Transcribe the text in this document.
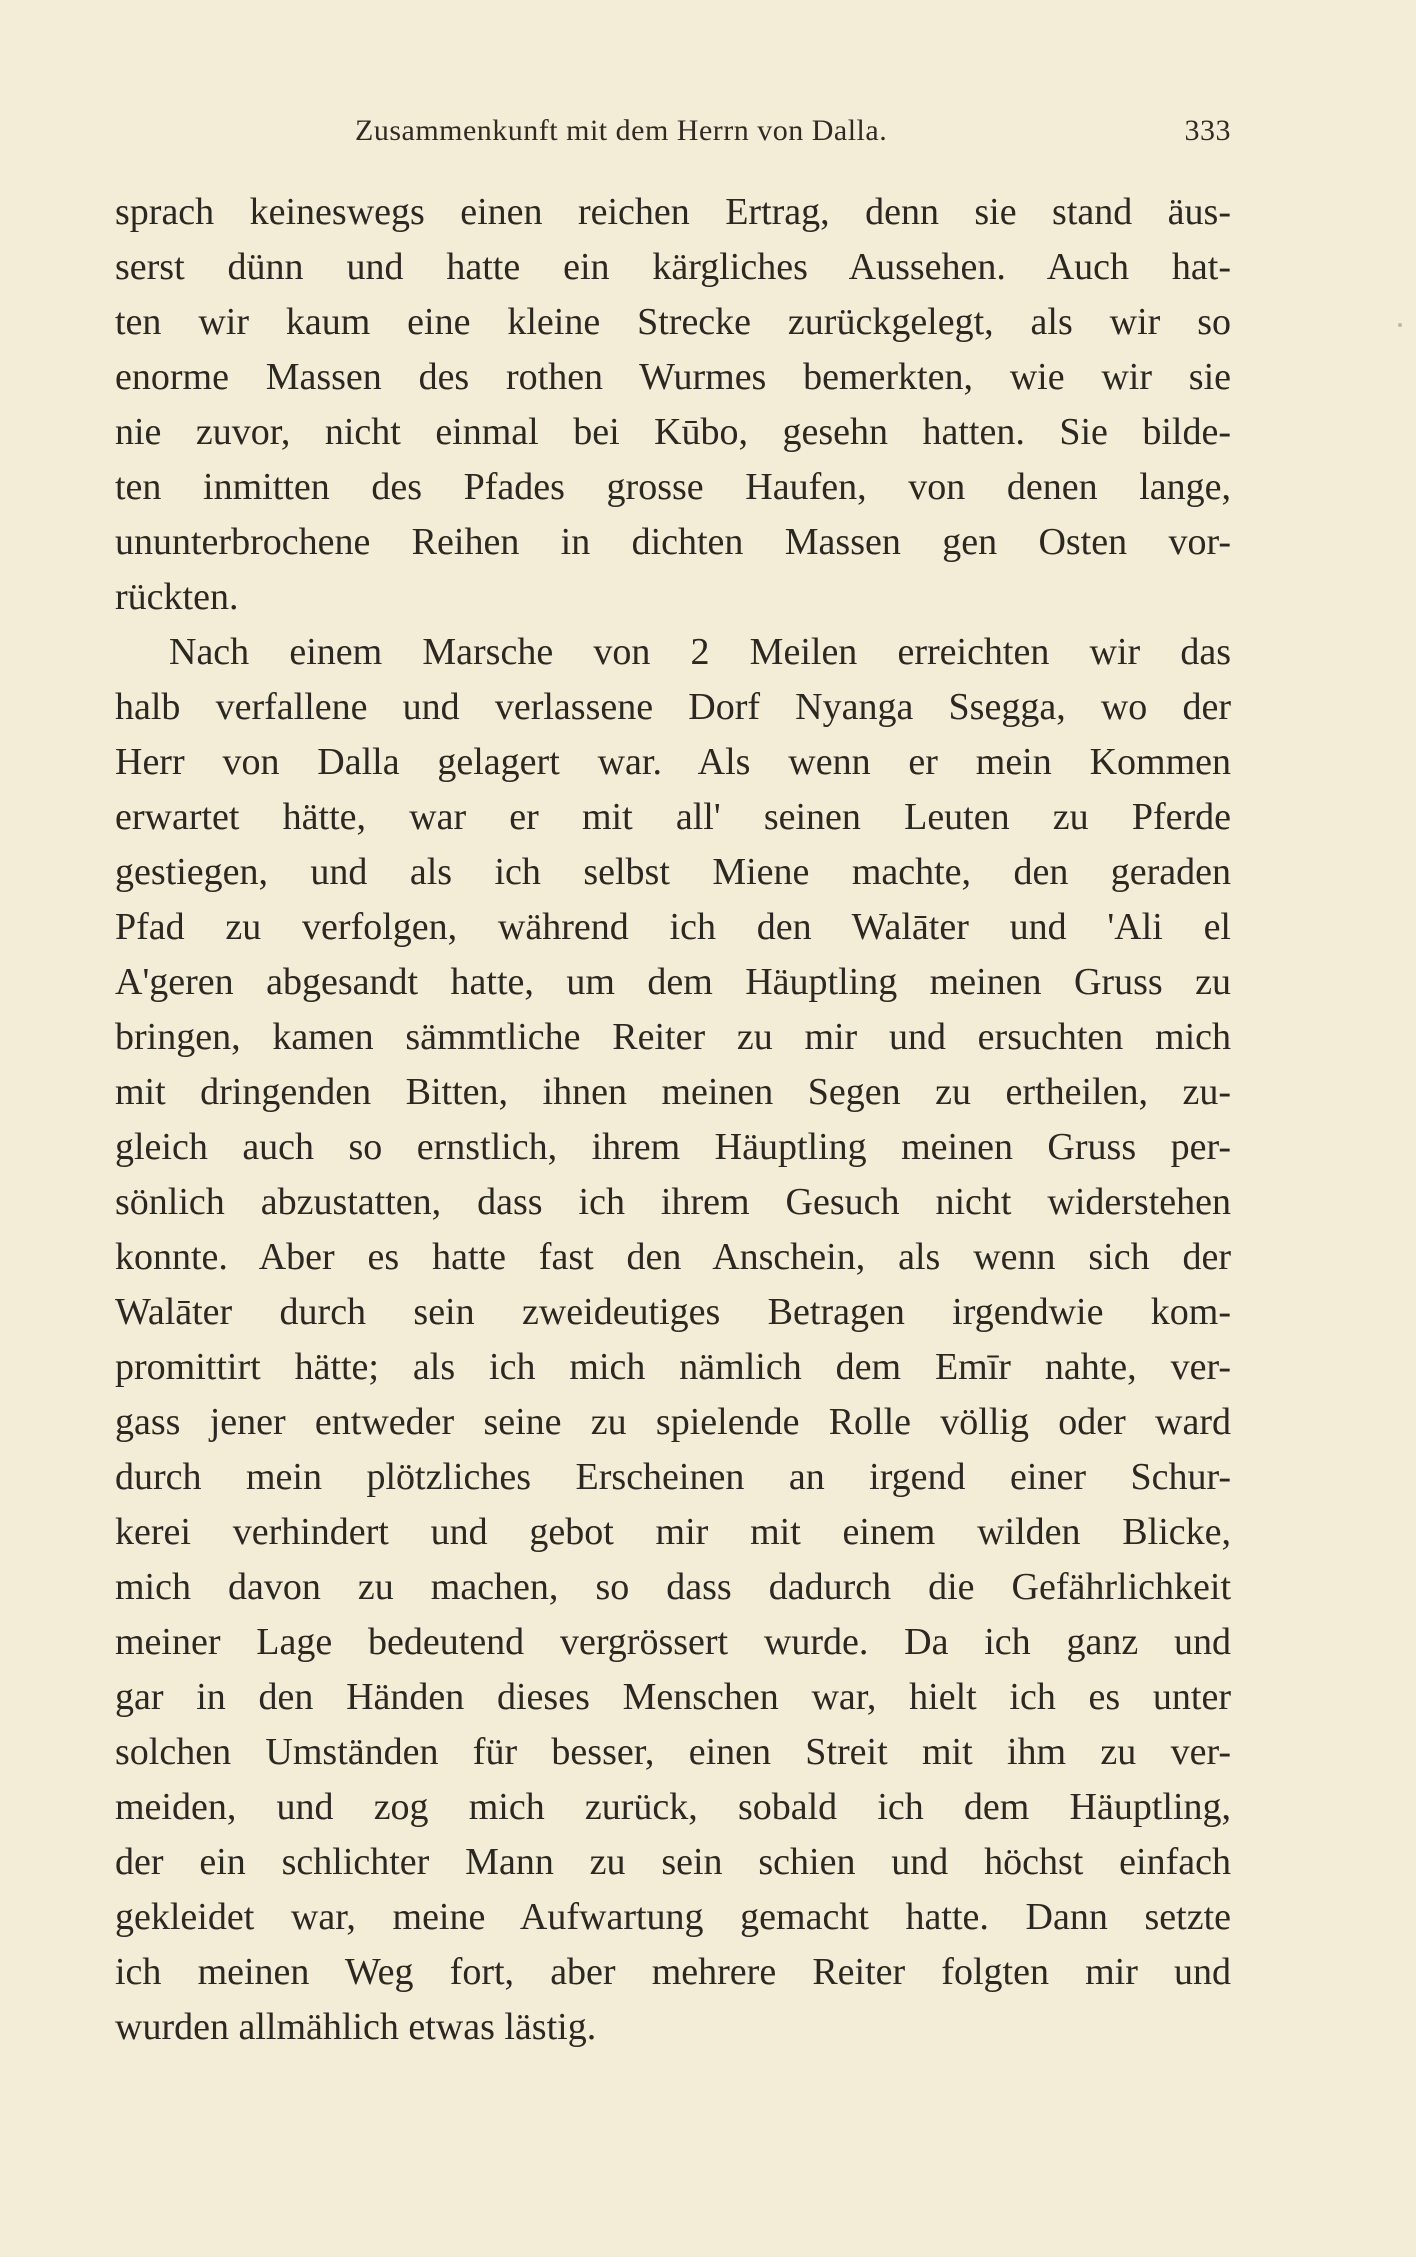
Zusammenkunft mit dem Herrn von Dalla.	333
sprach keineswegs einen reichen Ertrag, denn sie stand äus-
serst dünn und hatte ein kärgliches Aussehen. Auch hat-
ten wir kaum eine kleine Strecke zurückgelegt, als wir so
enorme Massen des rothen Wurmes bemerkten, wie wir sie
nie zuvor, nicht einmal bei Kūbo, gesehn hatten. Sie bilde-
ten inmitten des Pfades grosse Haufen, von denen lange,
ununterbrochene Reihen in dichten Massen gen Osten vor-
rückten.
Nach einem Marsche von 2 Meilen erreichten wir das
halb verfallene und verlassene Dorf Nyanga Ssegga, wo der
Herr von Dalla gelagert war. Als wenn er mein Kommen
erwartet hätte, war er mit all' seinen Leuten zu Pferde
gestiegen, und als ich selbst Miene machte, den geraden
Pfad zu verfolgen, während ich den Walāter und 'Ali el
A'geren abgesandt hatte, um dem Häuptling meinen Gruss zu
bringen, kamen sämmtliche Reiter zu mir und ersuchten mich
mit dringenden Bitten, ihnen meinen Segen zu ertheilen, zu-
gleich auch so ernstlich, ihrem Häuptling meinen Gruss per-
sönlich abzustatten, dass ich ihrem Gesuch nicht widerstehen
konnte. Aber es hatte fast den Anschein, als wenn sich der
Walāter durch sein zweideutiges Betragen irgendwie kom-
promittirt hätte; als ich mich nämlich dem Emīr nahte, ver-
gass jener entweder seine zu spielende Rolle völlig oder ward
durch mein plötzliches Erscheinen an irgend einer Schur-
kerei verhindert und gebot mir mit einem wilden Blicke,
mich davon zu machen, so dass dadurch die Gefährlichkeit
meiner Lage bedeutend vergrössert wurde. Da ich ganz und
gar in den Händen dieses Menschen war, hielt ich es unter
solchen Umständen für besser, einen Streit mit ihm zu ver-
meiden, und zog mich zurück, sobald ich dem Häuptling,
der ein schlichter Mann zu sein schien und höchst einfach
gekleidet war, meine Aufwartung gemacht hatte. Dann setzte
ich meinen Weg fort, aber mehrere Reiter folgten mir und
wurden allmählich etwas lästig.
